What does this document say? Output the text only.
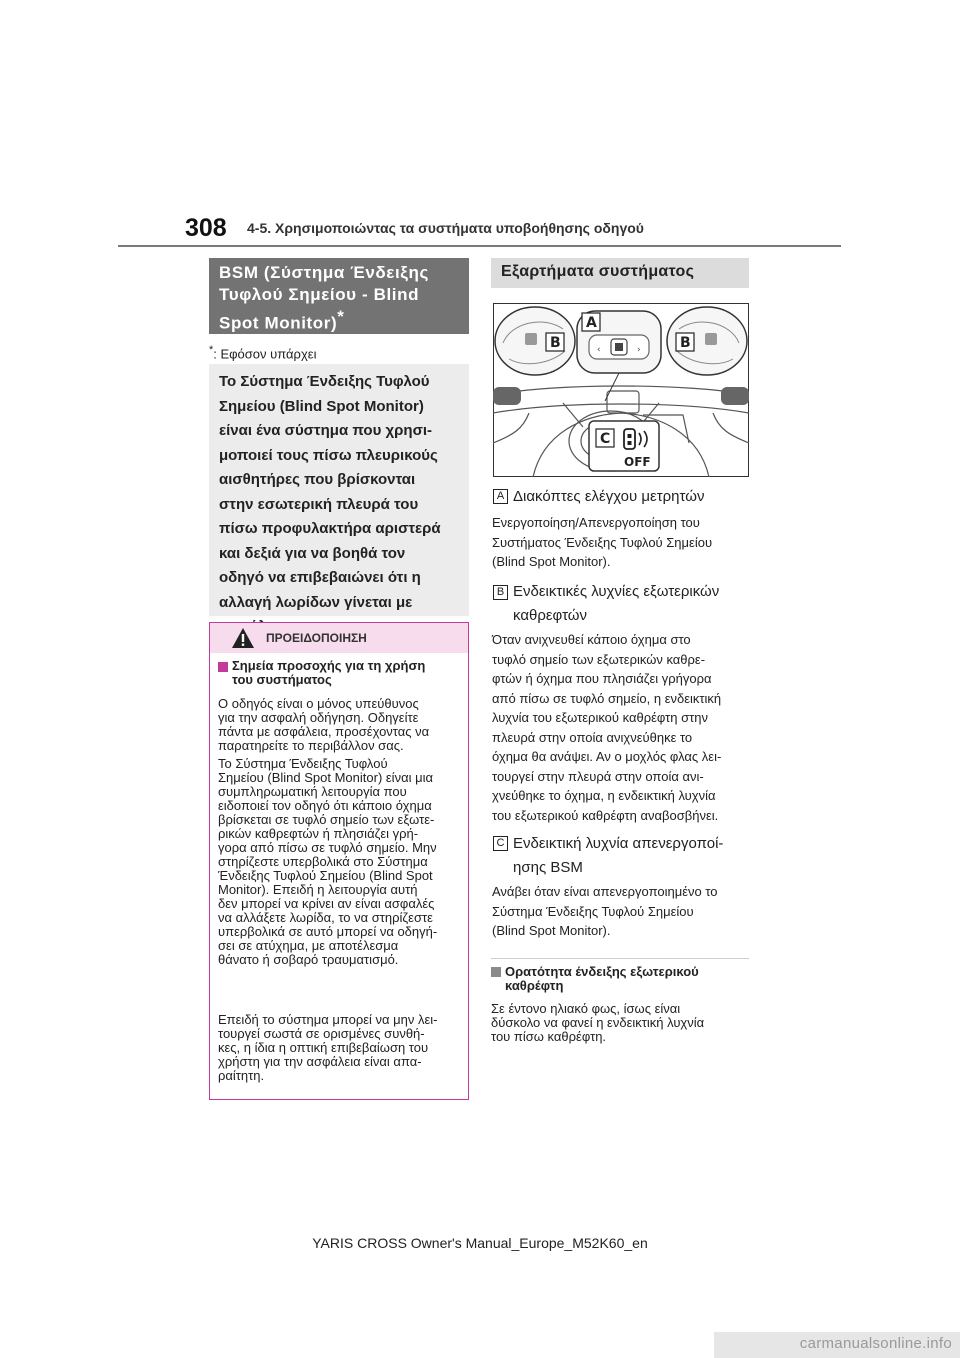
308 4-5. Χρησιμοποιώντας τα συστήματα υποβοήθησης οδηγού
BSM (Σύστημα Ένδειξης
Τυφλού Σημείου - Blind
Spot Monitor)*
*: Εφόσον υπάρχει
Το Σύστημα Ένδειξης Τυφλού
Σημείου (Blind Spot Monitor)
είναι ένα σύστημα που χρησι-
μοποιεί τους πίσω πλευρικούς
αισθητήρες που βρίσκονται
στην εσωτερική πλευρά του
πίσω προφυλακτήρα αριστερά
και δεξιά για να βοηθά τον
οδηγό να επιβεβαιώνει ότι η
αλλαγή λωρίδων γίνεται με

ΠΡΟΕΙΔΟΠΟΙΗΣΗ
Σημεία προσοχής για τη χρήση
του συστήματος
Ο οδηγός είναι ο μόνος υπεύθυνος
για την ασφαλή οδήγηση. Οδηγείτε
πάντα με ασφάλεια, προσέχοντας να
παρατηρείτε το περιβάλλον σας.
Το Σύστημα Ένδειξης Τυφλού
Σημείου (Blind Spot Monitor) είναι μια
συμπληρωματική λειτουργία που
ειδοποιεί τον οδηγό ότι κάποιο όχημα
βρίσκεται σε τυφλό σημείο των εξωτε-
ρικών καθρεφτών ή πλησιάζει γρή-
γορα από πίσω σε τυφλό σημείο. Μην
στηρίζεστε υπερβολικά στο Σύστημα
Ένδειξης Τυφλού Σημείου (Blind Spot
Monitor). Επειδή η λειτουργία αυτή
δεν μπορεί να κρίνει αν είναι ασφαλές
να αλλάξετε λωρίδα, το να στηρίζεστε
υπερβολικά σε αυτό μπορεί να οδηγή-
σει σε ατύχημα, με αποτέλεσμα
θάνατο ή σοβαρό τραυματισμό.
Επειδή το σύστημα μπορεί να μην λει-
τουργεί σωστά σε ορισμένες συνθή-
κες, η ίδια η οπτική επιβεβαίωση του
χρήστη για την ασφάλεια είναι απα-
ραίτητη.
Εξαρτήματα συστήματος
‹	›
OFF
A
B	B
C
A Διακόπτες ελέγχου μετρητών
Ενεργοποίηση/Απενεργοποίηση του
Συστήματος Ένδειξης Τυφλού Σημείου
(Blind Spot Monitor).
B Ενδεικτικές λυχνίες εξωτερικών
καθρεφτών
Όταν ανιχνευθεί κάποιο όχημα στο
τυφλό σημείο των εξωτερικών καθρε-
φτών ή όχημα που πλησιάζει γρήγορα
από πίσω σε τυφλό σημείο, η ενδεικτική
λυχνία του εξωτερικού καθρέφτη στην
πλευρά στην οποία ανιχνεύθηκε το
όχημα θα ανάψει. Αν ο μοχλός φλας λει-
τουργεί στην πλευρά στην οποία ανι-
χνεύθηκε το όχημα, η ενδεικτική λυχνία
του εξωτερικού καθρέφτη αναβοσβήνει.
C Ενδεικτική λυχνία απενεργοποί-
ησης BSM
Ανάβει όταν είναι απενεργοποιημένο το
Σύστημα Ένδειξης Τυφλού Σημείου
(Blind Spot Monitor).
Ορατότητα ένδειξης εξωτερικού
καθρέφτη
Σε έντονο ηλιακό φως, ίσως είναι
δύσκολο να φανεί η ενδεικτική λυχνία
του πίσω καθρέφτη.
YARIS CROSS Owner's Manual_Europe_M52K60_en
carmanualsonline.info
